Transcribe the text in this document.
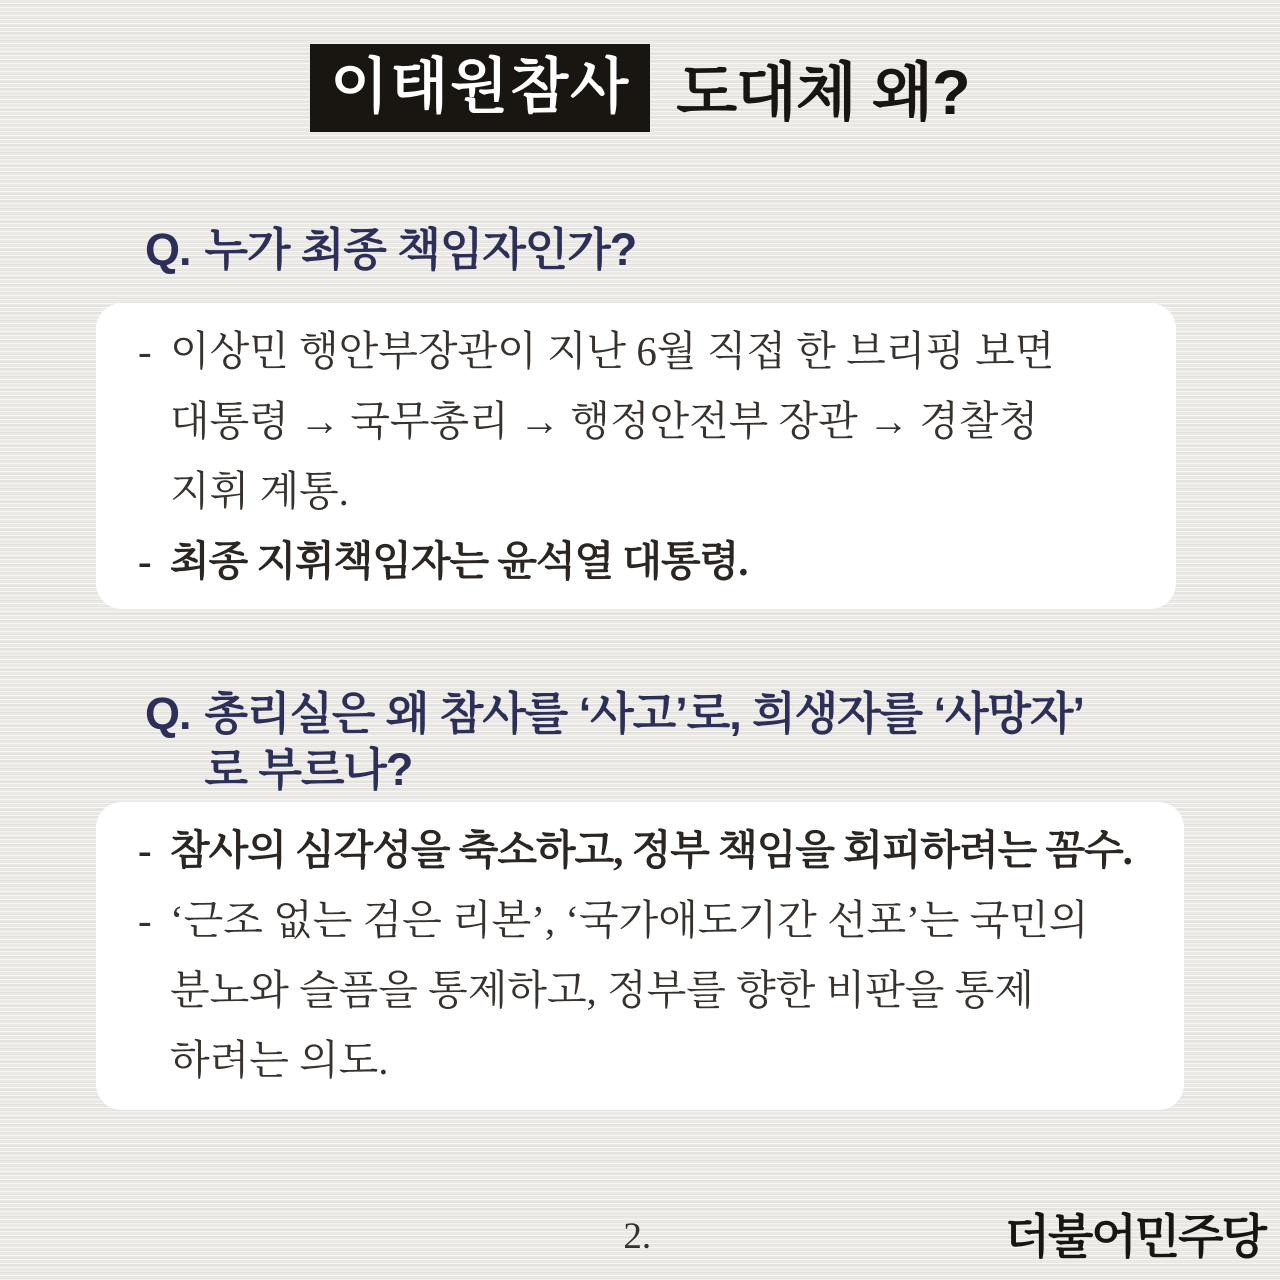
이태원참사 도대체 왜?
Q. 누가 최종 책임자인가?
- 이상민 행안부장관이 지난 6월 직접 한 브리핑 보면
대통령 → 국무총리 → 행정안전부 장관 → 경찰청
지휘 계통.
- 최종 지휘책임자는 윤석열 대통령.
Q. 총리실은 왜 참사를 ‘사고’로, 희생자를 ‘사망자’
로 부르나?
- 참사의 심각성을 축소하고, 정부 책임을 회피하려는 꼼수.
- ‘근조 없는 검은 리본’, ‘국가애도기간 선포’는 국민의
분노와 슬픔을 통제하고, 정부를 향한 비판을 통제
하려는 의도.
2.	더불어민주당
